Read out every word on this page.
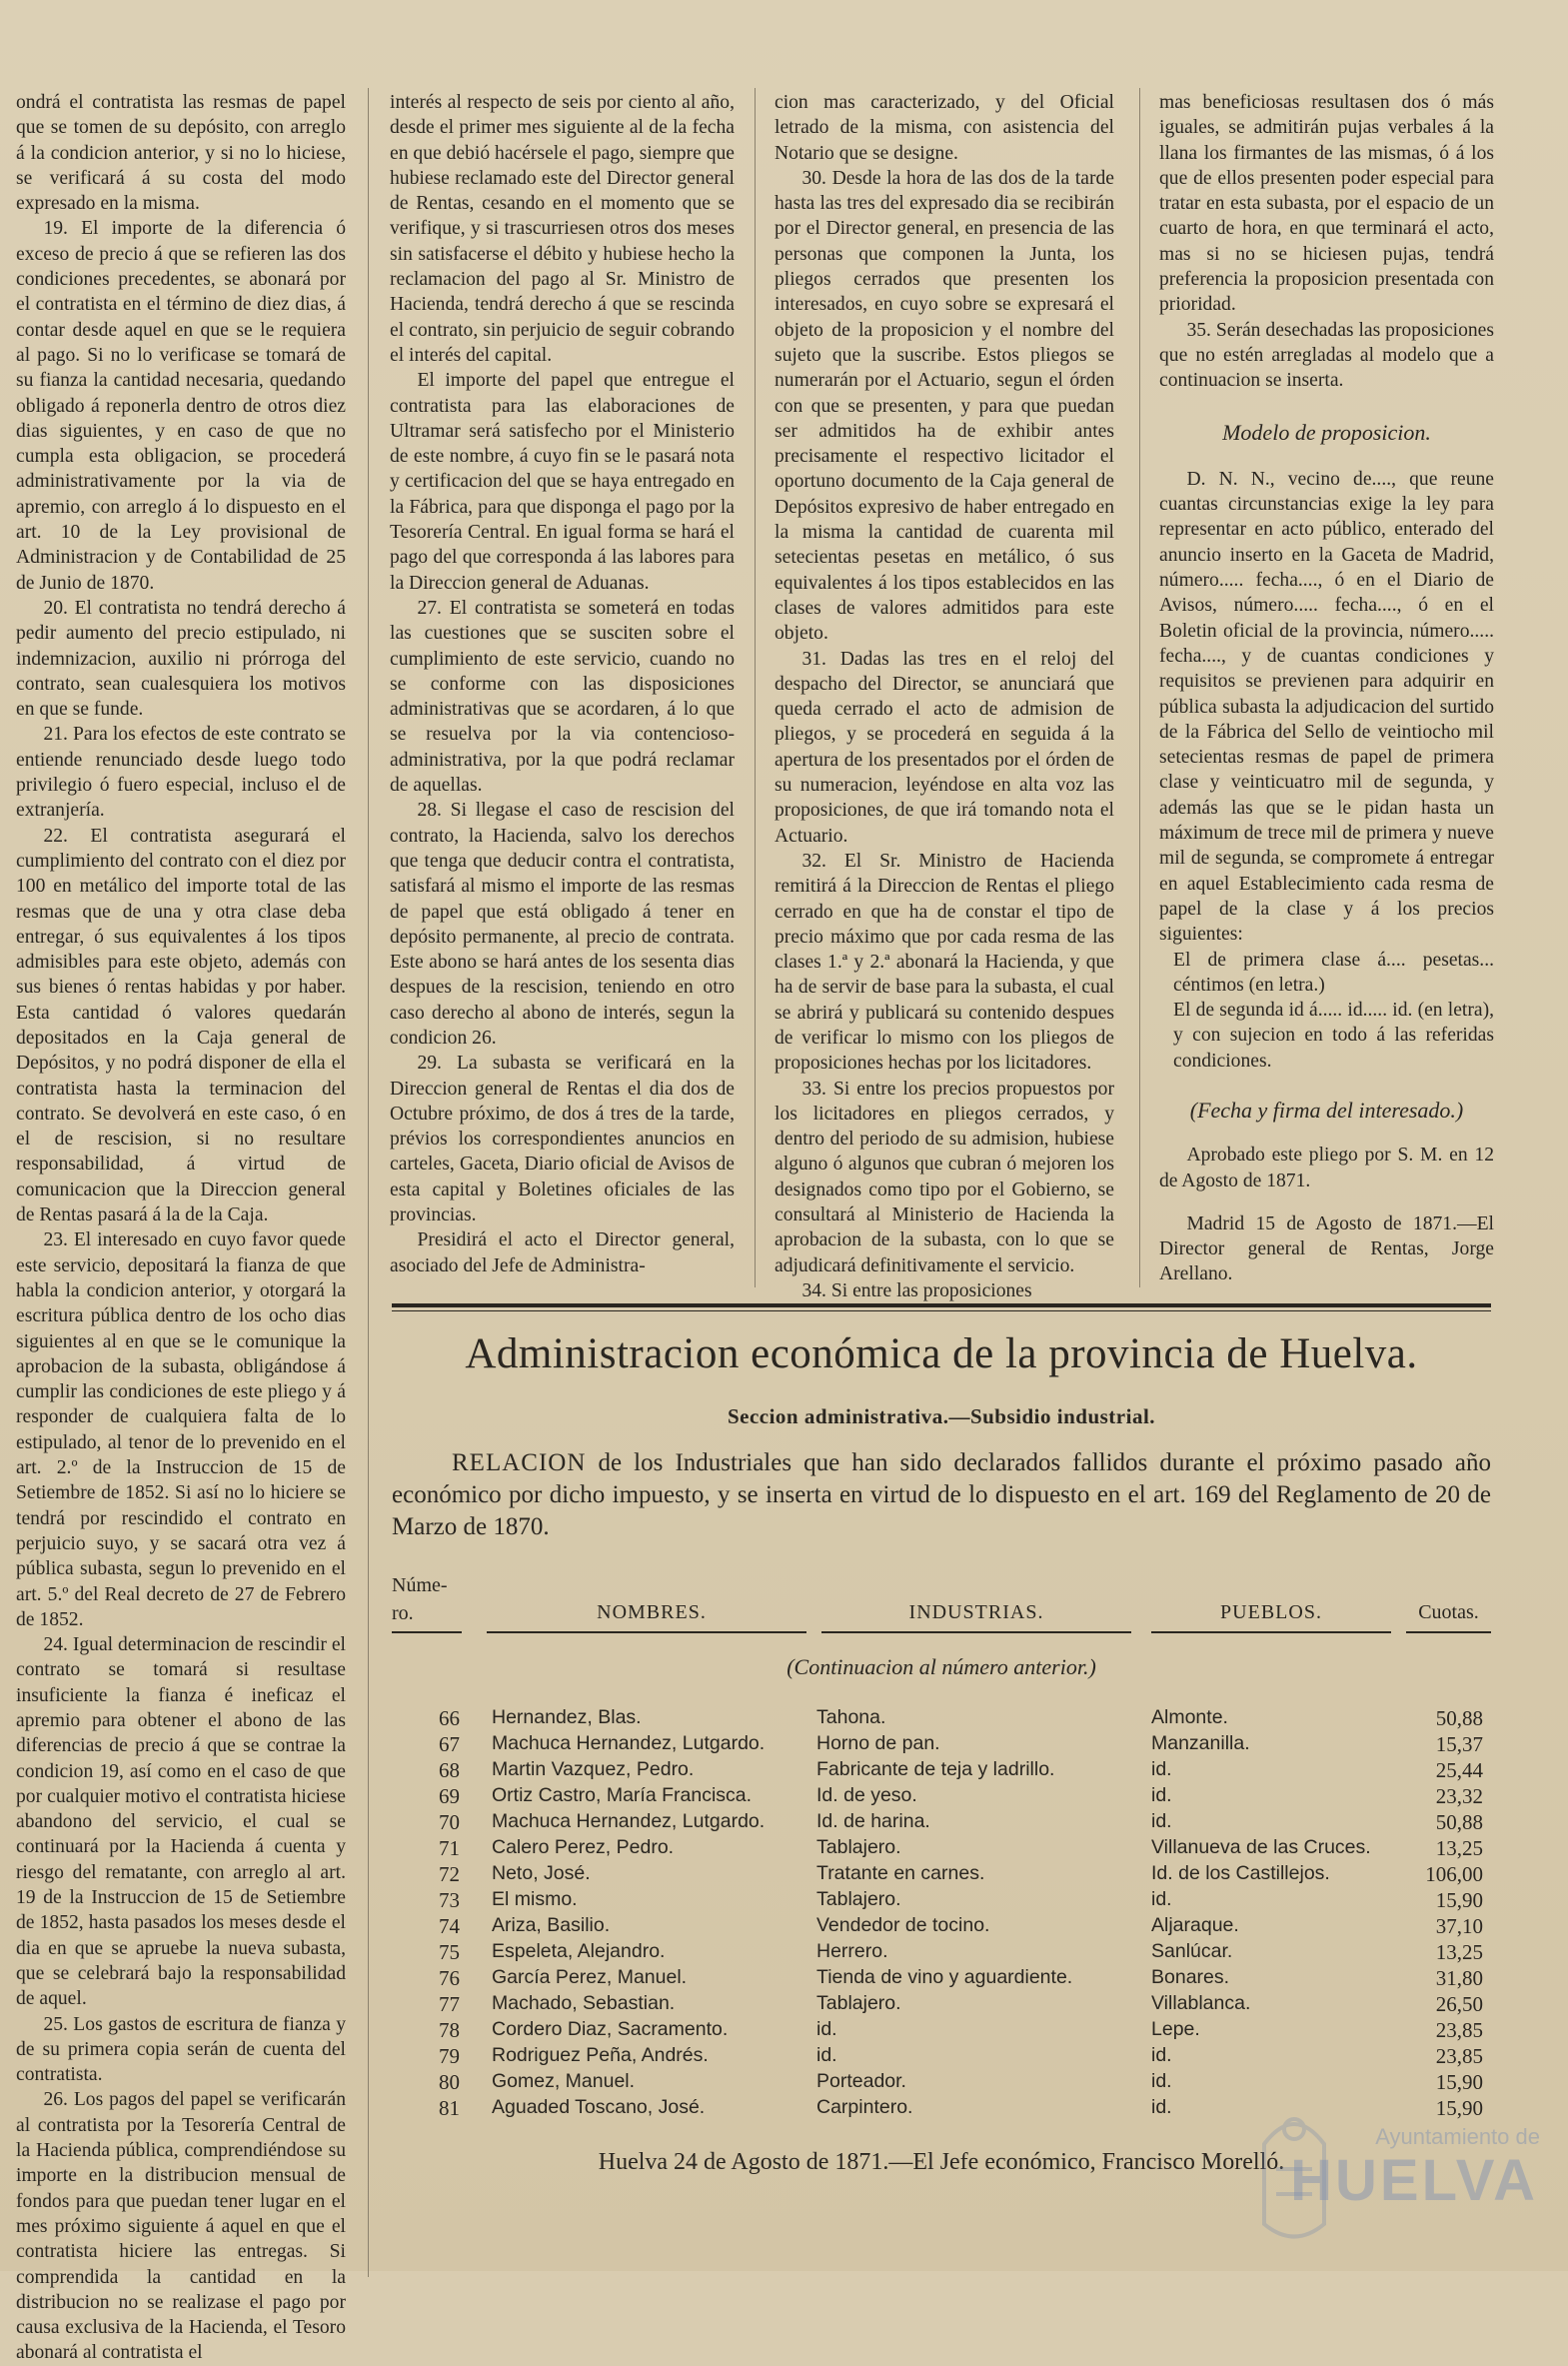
ondrá el contratista las resmas de papel que se tomen de su depósito, con arreglo á la condicion anterior, y si no lo hiciese, se verificará á su costa del modo expresado en la misma.

19. El importe de la diferencia ó exceso de precio á que se refieren las dos condiciones precedentes, se abonará por el contratista en el término de diez dias, á contar desde aquel en que se le requiera al pago. Si no lo verificase se tomará de su fianza la cantidad necesaria, quedando obligado á reponerla dentro de otros diez dias siguientes, y en caso de que no cumpla esta obligacion, se procederá administrativamente por la via de apremio, con arreglo á lo dispuesto en el art. 10 de la Ley provisional de Administracion y de Contabilidad de 25 de Junio de 1870.

20. El contratista no tendrá derecho á pedir aumento del precio estipulado, ni indemnizacion, auxilio ni prórroga del contrato, sean cualesquiera los motivos en que se funde.

21. Para los efectos de este contrato se entiende renunciado desde luego todo privilegio ó fuero especial, incluso el de extranjería.

22. El contratista asegurará el cumplimiento del contrato con el diez por 100 en metálico del importe total de las resmas que de una y otra clase deba entregar, ó sus equivalentes á los tipos admisibles para este objeto, además con sus bienes ó rentas habidas y por haber. Esta cantidad ó valores quedarán depositados en la Caja general de Depósitos, y no podrá disponer de ella el contratista hasta la terminacion del contrato. Se devolverá en este caso, ó en el de rescision, si no resultare responsabilidad, á virtud de comunicacion que la Direccion general de Rentas pasará á la de la Caja.

23. El interesado en cuyo favor quede este servicio, depositará la fianza de que habla la condicion anterior, y otorgará la escritura pública dentro de los ocho dias siguientes al en que se le comunique la aprobacion de la subasta, obligándose á cumplir las condiciones de este pliego y á responder de cualquiera falta de lo estipulado, al tenor de lo prevenido en el art. 2.º de la Instruccion de 15 de Setiembre de 1852. Si así no lo hiciere se tendrá por rescindido el contrato en perjuicio suyo, y se sacará otra vez á pública subasta, segun lo prevenido en el art. 5.º del Real decreto de 27 de Febrero de 1852.

24. Igual determinacion de rescindir el contrato se tomará si resultase insuficiente la fianza é ineficaz el apremio para obtener el abono de las diferencias de precio á que se contrae la condicion 19, así como en el caso de que por cualquier motivo el contratista hiciese abandono del servicio, el cual se continuará por la Hacienda á cuenta y riesgo del rematante, con arreglo al art. 19 de la Instruccion de 15 de Setiembre de 1852, hasta pasados los meses desde el dia en que se apruebe la nueva subasta, que se celebrará bajo la responsabilidad de aquel.

25. Los gastos de escritura de fianza y de su primera copia serán de cuenta del contratista.

26. Los pagos del papel se verificarán al contratista por la Tesorería Central de la Hacienda pública, comprendiéndose su importe en la distribucion mensual de fondos para que puedan tener lugar en el mes próximo siguiente á aquel en que el contratista hiciere las entregas. Si comprendida la cantidad en la distribucion no se realizase el pago por causa exclusiva de la Hacienda, el Tesoro abonará al contratista el

interés al respecto de seis por ciento al año, desde el primer mes siguiente al de la fecha en que debió hacérsele el pago, siempre que hubiese reclamado este del Director general de Rentas, cesando en el momento que se verifique, y si trascurriesen otros dos meses sin satisfacerse el débito y hubiese hecho la reclamacion del pago al Sr. Ministro de Hacienda, tendrá derecho á que se rescinda el contrato, sin perjuicio de seguir cobrando el interés del capital.

El importe del papel que entregue el contratista para las elaboraciones de Ultramar será satisfecho por el Ministerio de este nombre, á cuyo fin se le pasará nota y certificacion del que se haya entregado en la Fábrica, para que disponga el pago por la Tesorería Central. En igual forma se hará el pago del que corresponda á las labores para la Direccion general de Aduanas.

27. El contratista se someterá en todas las cuestiones que se susciten sobre el cumplimiento de este servicio, cuando no se conforme con las disposiciones administrativas que se acordaren, á lo que se resuelva por la via contencioso-administrativa, por la que podrá reclamar de aquellas.

28. Si llegase el caso de rescision del contrato, la Hacienda, salvo los derechos que tenga que deducir contra el contratista, satisfará al mismo el importe de las resmas de papel que está obligado á tener en depósito permanente, al precio de contrata. Este abono se hará antes de los sesenta dias despues de la rescision, teniendo en otro caso derecho al abono de interés, segun la condicion 26.

29. La subasta se verificará en la Direccion general de Rentas el dia dos de Octubre próximo, de dos á tres de la tarde, prévios los correspondientes anuncios en carteles, Gaceta, Diario oficial de Avisos de esta capital y Boletines oficiales de las provincias.

Presidirá el acto el Director general, asociado del Jefe de Administra-

cion mas caracterizado, y del Oficial letrado de la misma, con asistencia del Notario que se designe.

30. Desde la hora de las dos de la tarde hasta las tres del expresado dia se recibirán por el Director general, en presencia de las personas que componen la Junta, los pliegos cerrados que presenten los interesados, en cuyo sobre se expresará el objeto de la proposicion y el nombre del sujeto que la suscribe. Estos pliegos se numerarán por el Actuario, segun el órden con que se presenten, y para que puedan ser admitidos ha de exhibir antes precisamente el respectivo licitador el oportuno documento de la Caja general de Depósitos expresivo de haber entregado en la misma la cantidad de cuarenta mil setecientas pesetas en metálico, ó sus equivalentes á los tipos establecidos en las clases de valores admitidos para este objeto.

31. Dadas las tres en el reloj del despacho del Director, se anunciará que queda cerrado el acto de admision de pliegos, y se procederá en seguida á la apertura de los presentados por el órden de su numeracion, leyéndose en alta voz las proposiciones, de que irá tomando nota el Actuario.

32. El Sr. Ministro de Hacienda remitirá á la Direccion de Rentas el pliego cerrado en que ha de constar el tipo de precio máximo que por cada resma de las clases 1.ª y 2.ª abonará la Hacienda, y que ha de servir de base para la subasta, el cual se abrirá y publicará su contenido despues de verificar lo mismo con los pliegos de proposiciones hechas por los licitadores.

33. Si entre los precios propuestos por los licitadores en pliegos cerrados, y dentro del periodo de su admision, hubiese alguno ó algunos que cubran ó mejoren los designados como tipo por el Gobierno, se consultará al Ministerio de Hacienda la aprobacion de la subasta, con lo que se adjudicará definitivamente el servicio.

34. Si entre las proposiciones

mas beneficiosas resultasen dos ó más iguales, se admitirán pujas verbales á la llana los firmantes de las mismas, ó á los que de ellos presenten poder especial para tratar en esta subasta, por el espacio de un cuarto de hora, en que terminará el acto, mas si no se hiciesen pujas, tendrá preferencia la proposicion presentada con prioridad.

35. Serán desechadas las proposiciones que no estén arregladas al modelo que a continuacion se inserta.

Modelo de proposicion.

D. N. N., vecino de...., que reune cuantas circunstancias exige la ley para representar en acto público, enterado del anuncio inserto en la Gaceta de Madrid, número..... fecha...., ó en el Diario de Avisos, número..... fecha...., ó en el Boletin oficial de la provincia, número..... fecha...., y de cuantas condiciones y requisitos se previenen para adquirir en pública subasta la adjudicacion del surtido de la Fábrica del Sello de veintiocho mil setecientas resmas de papel de primera clase y veinticuatro mil de segunda, y además las que se le pidan hasta un máximum de trece mil de primera y nueve mil de segunda, se compromete á entregar en aquel Establecimiento cada resma de papel de la clase y á los precios siguientes:

El de primera clase á.... pesetas... céntimos (en letra.)

El de segunda id á..... id..... id. (en letra), y con sujecion en todo á las referidas condiciones.

(Fecha y firma del interesado.)

Aprobado este pliego por S. M. en 12 de Agosto de 1871.

Madrid 15 de Agosto de 1871.—El Director general de Rentas, Jorge Arellano.

Administracion económica de la provincia de Huelva.
Seccion administrativa.—Subsidio industrial.
RELACION de los Industriales que han sido declarados fallidos durante el próximo pasado año económico por dicho impuesto, y se inserta en virtud de lo dispuesto en el art. 169 del Reglamento de 20 de Marzo de 1870.
Núme-ro.	NOMBRES.	INDUSTRIAS.	PUEBLOS.	Cuotas.
(Continuacion al número anterior.)
66 Hernandez, Blas.	Tahona.	Almonte.	50,88
67 Machuca Hernandez, Lutgardo.	Horno de pan.	Manzanilla.	15,37
68 Martin Vazquez, Pedro.	Fabricante de teja y ladrillo.	id.	25,44
69 Ortiz Castro, María Francisca.	Id. de yeso.	id.	23,32
70 Machuca Hernandez, Lutgardo.	Id. de harina.	id.	50,88
71 Calero Perez, Pedro.	Tablajero.	Villanueva de las Cruces.	13,25
72 Neto, José.	Tratante en carnes.	Id. de los Castillejos.	106,00
73 El mismo.	Tablajero.	id.	15,90
74 Ariza, Basilio.	Vendedor de tocino.	Aljaraque.	37,10
75 Espeleta, Alejandro.	Herrero.	Sanlúcar.	13,25
76 García Perez, Manuel.	Tienda de vino y aguardiente.	Bonares.	31,80
77 Machado, Sebastian.	Tablajero.	Villablanca.	26,50
78 Cordero Diaz, Sacramento.	id.	Lepe.	23,85
79 Rodriguez Peña, Andrés.	id.	id.	23,85
80 Gomez, Manuel.	Porteador.	id.	15,90
81 Aguaded Toscano, José.	Carpintero.	id.	15,90
Huelva 24 de Agosto de 1871.—El Jefe económico, Francisco Morelló.
Ayuntamiento de
HUELVA
